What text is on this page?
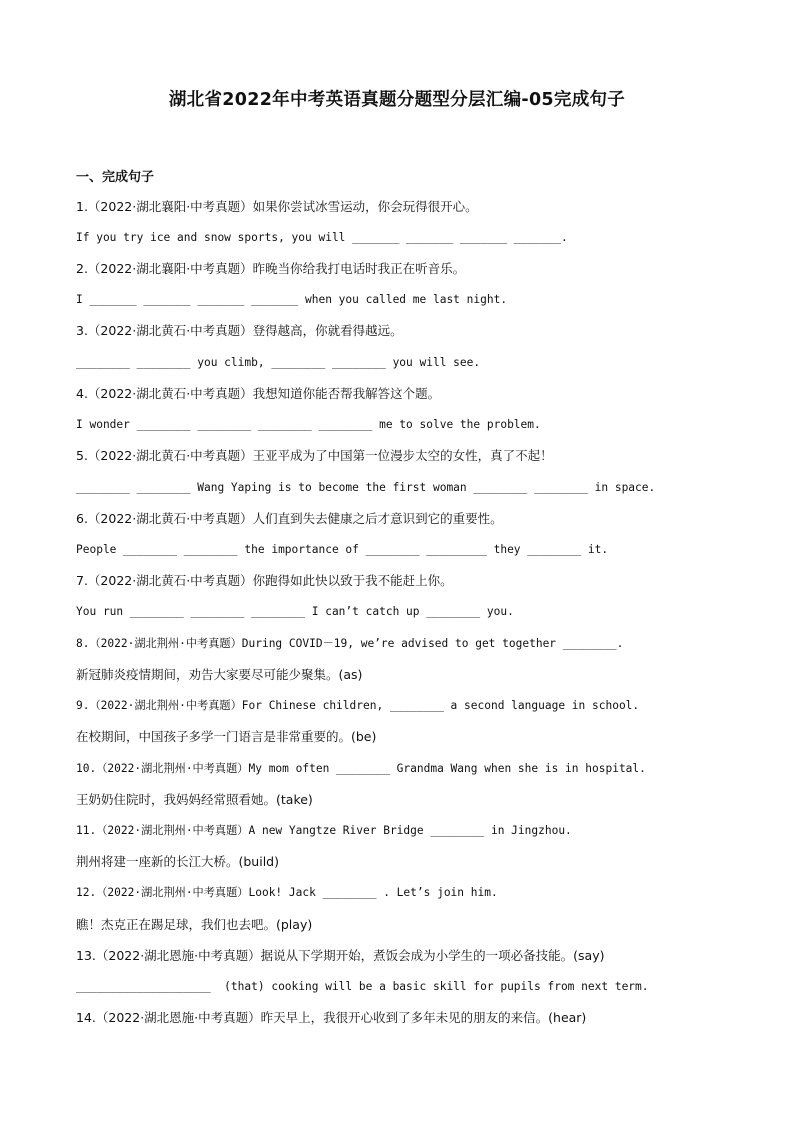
湖北省2022年中考英语真题分题型分层汇编-05完成句子
一、完成句子
1.（2022·湖北襄阳·中考真题）如果你尝试冰雪运动，你会玩得很开心。
If you try ice and snow sports, you will _______ _______ _______ _______.
2.（2022·湖北襄阳·中考真题）昨晚当你给我打电话时我正在听音乐。
I _______ _______ _______ _______ when you called me last night.
3.（2022·湖北黄石·中考真题）登得越高，你就看得越远。
________ ________ you climb, ________ ________ you will see.
4.（2022·湖北黄石·中考真题）我想知道你能否帮我解答这个题。
I wonder ________ ________ ________ ________ me to solve the problem.
5.（2022·湖北黄石·中考真题）王亚平成为了中国第一位漫步太空的女性，真了不起！
________ ________ Wang Yaping is to become the first woman ________ ________ in space.
6.（2022·湖北黄石·中考真题）人们直到失去健康之后才意识到它的重要性。
People ________ ________ the importance of ________ _________ they ________ it.
7.（2022·湖北黄石·中考真题）你跑得如此快以致于我不能赶上你。
You run ________ ________ ________ I can’t catch up ________ you.
8.（2022·湖北荆州·中考真题）During COVID－19, we’re advised to get together ________.
新冠肺炎疫情期间，劝告大家要尽可能少聚集。(as)
9.（2022·湖北荆州·中考真题）For Chinese children, ________ a second language in school.
在校期间，中国孩子多学一门语言是非常重要的。(be)
10.（2022·湖北荆州·中考真题）My mom often ________ Grandma Wang when she is in hospital.
王奶奶住院时，我妈妈经常照看她。(take)
11.（2022·湖北荆州·中考真题）A new Yangtze River Bridge ________ in Jingzhou.
荆州将建一座新的长江大桥。(build)
12.（2022·湖北荆州·中考真题）Look! Jack ________ . Let’s join him.
瞧！杰克正在踢足球，我们也去吧。(play)
13.（2022·湖北恩施·中考真题）据说从下学期开始，煮饭会成为小学生的一项必备技能。(say)
____________________  (that) cooking will be a basic skill for pupils from next term.
14.（2022·湖北恩施·中考真题）昨天早上，我很开心收到了多年未见的朋友的来信。(hear)
